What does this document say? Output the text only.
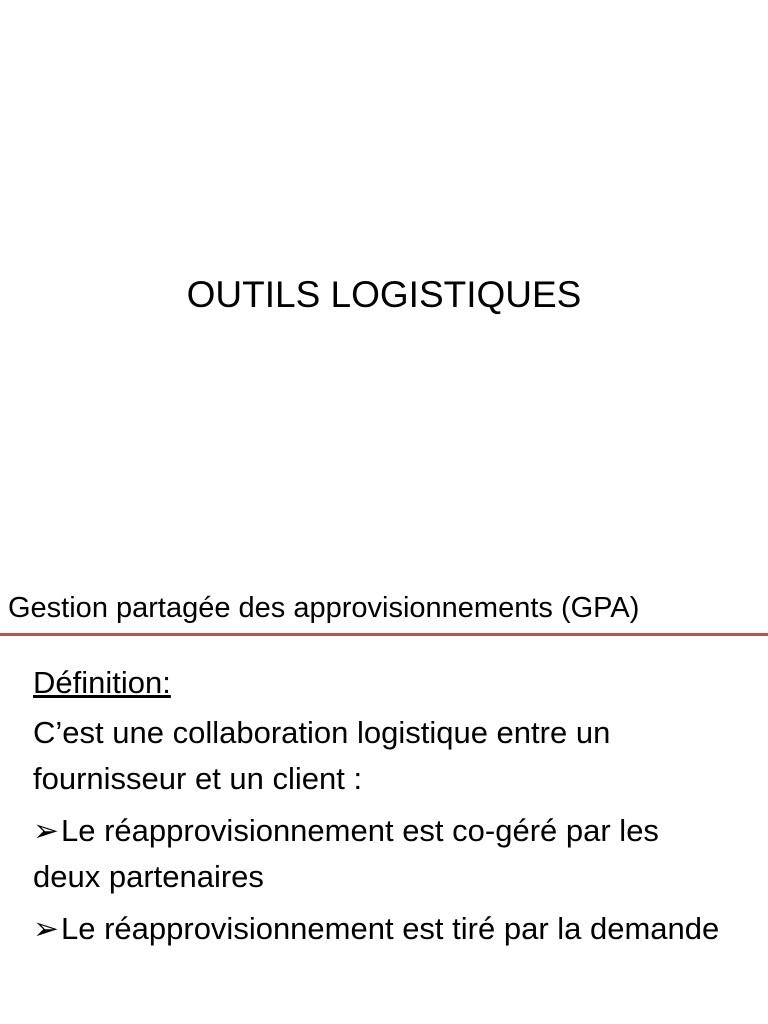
OUTILS LOGISTIQUES
Gestion partagée des approvisionnements (GPA)
Définition:
C’est une collaboration logistique entre un fournisseur et un client :
➢Le réapprovisionnement est co-géré par les deux partenaires
➢Le réapprovisionnement est tiré par la demande
